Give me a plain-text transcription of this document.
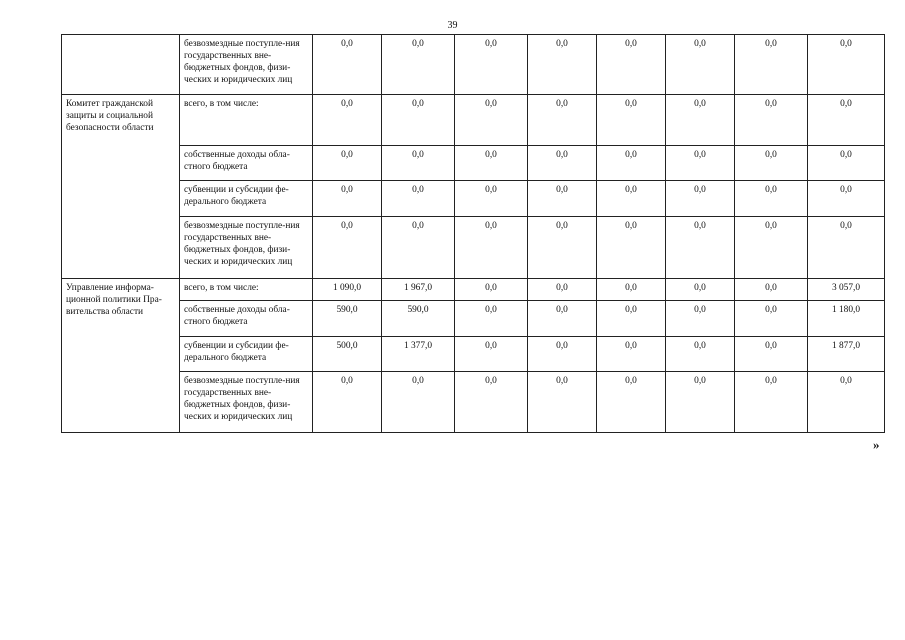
39
	безвозмездные поступле-ния государственных вне-бюджетных фондов, физи-ческих и юридических лиц	0,0	0,0	0,0	0,0	0,0	0,0	0,0	0,0
Комитет гражданской защиты и социальной безопасности области	всего, в том числе:	0,0	0,0	0,0	0,0	0,0	0,0	0,0	0,0
	собственные доходы обла-стного бюджета	0,0	0,0	0,0	0,0	0,0	0,0	0,0	0,0
	субвенции и субсидии фе-дерального бюджета	0,0	0,0	0,0	0,0	0,0	0,0	0,0	0,0
	безвозмездные поступле-ния государственных вне-бюджетных фондов, физи-ческих и юридических лиц	0,0	0,0	0,0	0,0	0,0	0,0	0,0	0,0
Управление информа-ционной политики Пра-вительства области	всего, в том числе:	1 090,0	1 967,0	0,0	0,0	0,0	0,0	0,0	3 057,0
	собственные доходы обла-стного бюджета	590,0	590,0	0,0	0,0	0,0	0,0	0,0	1 180,0
	субвенции и субсидии фе-дерального бюджета	500,0	1 377,0	0,0	0,0	0,0	0,0	0,0	1 877,0
	безвозмездные поступле-ния государственных вне-бюджетных фондов, физи-ческих и юридических лиц	0,0	0,0	0,0	0,0	0,0	0,0	0,0	0,0
»
